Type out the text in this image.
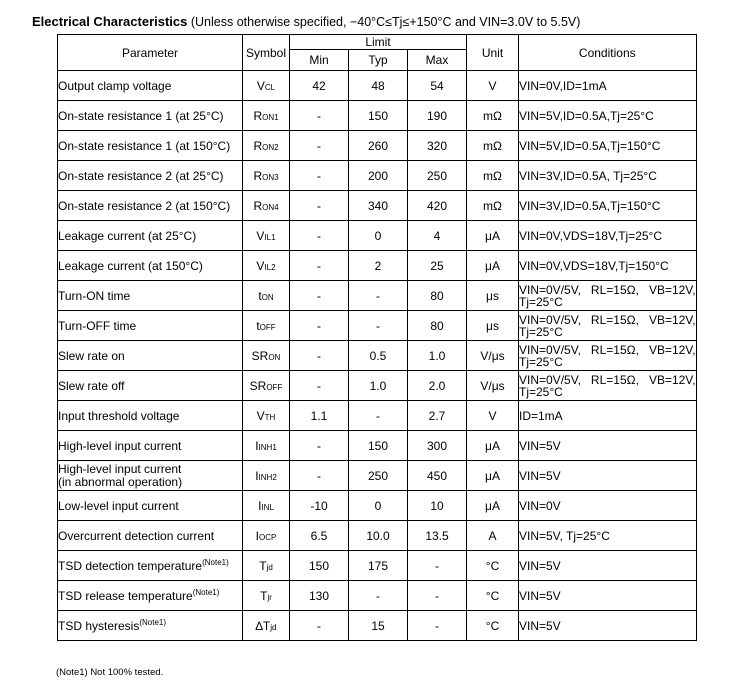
Electrical Characteristics (Unless otherwise specified, −40°C≤Tj≤+150°C and VIN=3.0V to 5.5V)
Parameter	Symbol	Limit			Unit	Conditions
		Min	Typ	Max		
Output clamp voltage	VCL	42	48	54	V	VIN=0V,ID=1mA
On-state resistance 1 (at 25°C)	RON1	-	150	190	mΩ	VIN=5V,ID=0.5A,Tj=25°C
On-state resistance 1 (at 150°C)	RON2	-	260	320	mΩ	VIN=5V,ID=0.5A,Tj=150°C
On-state resistance 2 (at 25°C)	RON3	-	200	250	mΩ	VIN=3V,ID=0.5A, Tj=25°C
On-state resistance 2 (at 150°C)	RON4	-	340	420	mΩ	VIN=3V,ID=0.5A,Tj=150°C
Leakage current (at 25°C)	VIL1	-	0	4	μA	VIN=0V,VDS=18V,Tj=25°C
Leakage current (at 150°C)	VIL2	-	2	25	μA	VIN=0V,VDS=18V,Tj=150°C
Turn-ON time	tON	-	-	80	μs	VIN=0V/5V,   RL=15Ω,   VB=12V,
Tj=25°C
Turn-OFF time	tOFF	-	-	80	μs	VIN=0V/5V,   RL=15Ω,   VB=12V,
Tj=25°C
Slew rate on	SRON	-	0.5	1.0	V/μs	VIN=0V/5V,   RL=15Ω,   VB=12V,
Tj=25°C
Slew rate off	SROFF	-	1.0	2.0	V/μs	VIN=0V/5V,   RL=15Ω,   VB=12V,
Tj=25°C
Input threshold voltage	VTH	1.1	-	2.7	V	ID=1mA
High-level input current	IINH1	-	150	300	μA	VIN=5V
High-level input current
(in abnormal operation)	IINH2	-	250	450	μA	VIN=5V
Low-level input current	IINL	-10	0	10	μA	VIN=0V
Overcurrent detection current	IOCP	6.5	10.0	13.5	A	VIN=5V, Tj=25°C
TSD detection temperature$^{(Note1)}$	Tjd	150	175	-	°C	VIN=5V
TSD release temperature$^{(Note1)}$	Tjr	130	-	-	°C	VIN=5V
TSD hysteresis$^{(Note1)}$	∆Tjd	-	15	-	°C	VIN=5V
(Note1) Not 100% tested.
